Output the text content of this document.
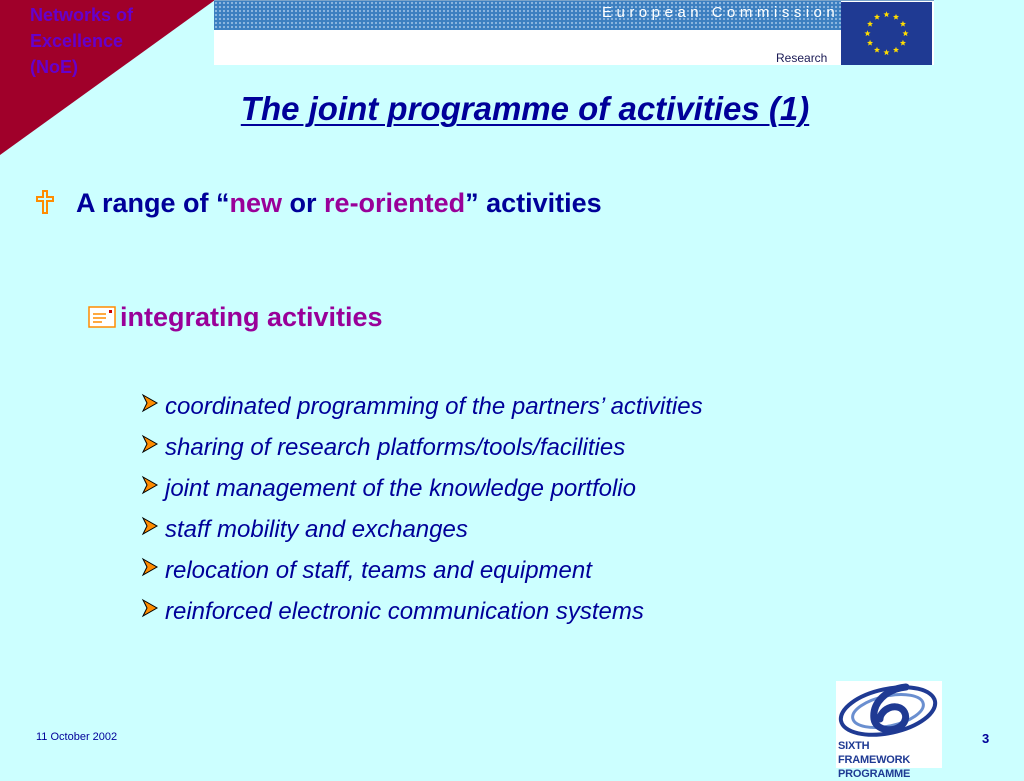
Networks of
Excellence
(NoE)
European Commission
Research
The joint programme of activities (1)
A range of “new or re-oriented” activities
integrating activities
coordinated programming of the partners’ activities
sharing of research platforms/tools/facilities
joint management of the knowledge portfolio
staff mobility and exchanges
relocation of staff, teams and equipment
reinforced electronic communication systems
11 October 2002	3
SIXTH FRAMEWORK
PROGRAMME
